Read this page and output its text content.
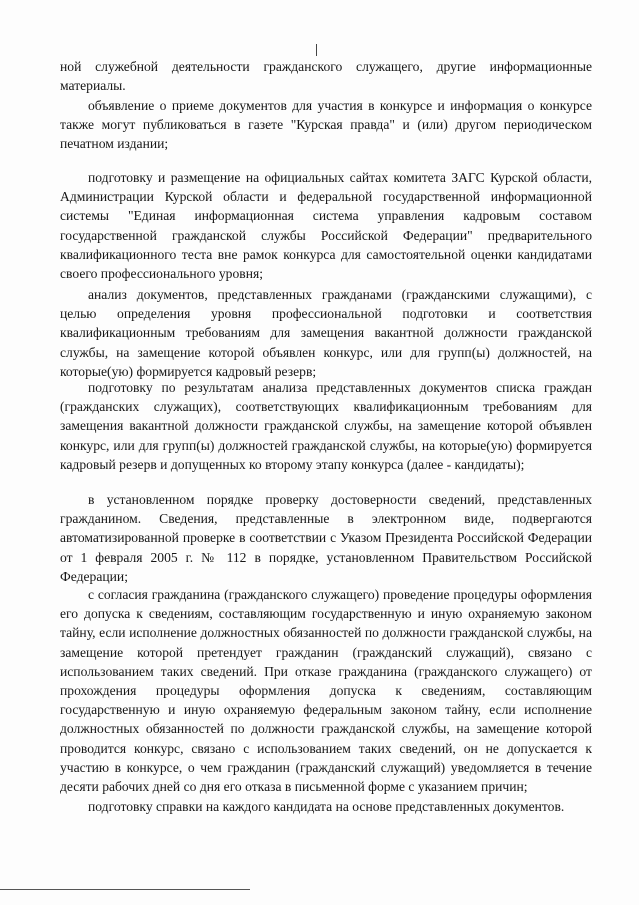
ной служебной деятельности гражданского служащего, другие информационные материалы.

объявление о приеме документов для участия в конкурсе и информация о конкурсе также могут публиковаться в газете "Курская правда" и (или) другом периодическом печатном издании;

подготовку и размещение на официальных сайтах комитета ЗАГС Курской области, Администрации Курской области и федеральной государственной информационной системы "Единая информационная система управления кадровым составом государственной гражданской службы Российской Федерации" предварительного квалификационного теста вне рамок конкурса для самостоятельной оценки кандидатами своего профессионального уровня;

анализ документов, представленных гражданами (гражданскими служащими), с целью определения уровня профессиональной подготовки и соответствия квалификационным требованиям для замещения вакантной должности гражданской службы, на замещение которой объявлен конкурс, или для групп(ы) должностей, на которые(ую) формируется кадровый резерв;

подготовку по результатам анализа представленных документов списка граждан (гражданских служащих), соответствующих квалификационным требованиям для замещения вакантной должности гражданской службы, на замещение которой объявлен конкурс, или для групп(ы) должностей гражданской службы, на которые(ую) формируется кадровый резерв и допущенных ко второму этапу конкурса (далее - кандидаты);

в установленном порядке проверку достоверности сведений, представленных гражданином. Сведения, представленные в электронном виде, подвергаются автоматизированной проверке в соответствии с Указом Президента Российской Федерации от 1 февраля 2005 г. № 112 в порядке, установленном Правительством Российской Федерации;

с согласия гражданина (гражданского служащего) проведение процедуры оформления его допуска к сведениям, составляющим государственную и иную охраняемую законом тайну, если исполнение должностных обязанностей по должности гражданской службы, на замещение которой претендует гражданин (гражданский служащий), связано с использованием таких сведений. При отказе гражданина (гражданского служащего) от прохождения процедуры оформления допуска к сведениям, составляющим государственную и иную охраняемую федеральным законом тайну, если исполнение должностных обязанностей по должности гражданской службы, на замещение которой проводится конкурс, связано с использованием таких сведений, он не допускается к участию в конкурсе, о чем гражданин (гражданский служащий) уведомляется в течение десяти рабочих дней со дня его отказа в письменной форме с указанием причин;

подготовку справки на каждого кандидата на основе представленных документов.
